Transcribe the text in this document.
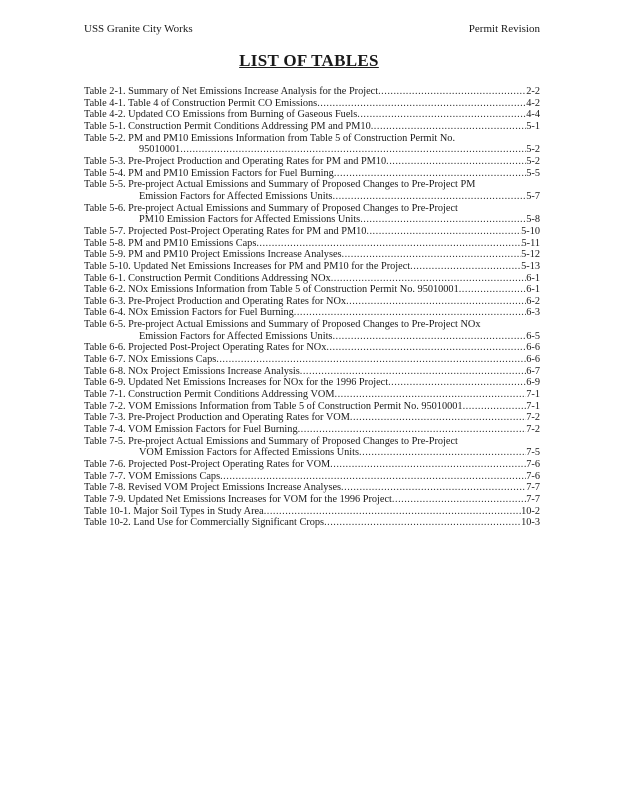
USS Granite City Works	Permit Revision
LIST OF TABLES
Table 2-1. Summary of Net Emissions Increase Analysis for the Project .....	2-2
Table 4-1. Table 4 of Construction Permit CO Emissions .....	4-2
Table 4-2. Updated CO Emissions from Burning of Gaseous Fuels .....	4-4
Table 5-1. Construction Permit Conditions Addressing PM and PM10 .....	5-1
Table 5-2. PM and PM10 Emissions Information from Table 5 of Construction Permit No.
95010001 .....	5-2
Table 5-3. Pre-Project Production and Operating Rates for PM and PM10 .....	5-2
Table 5-4. PM and PM10 Emission Factors for Fuel Burning .....	5-5
Table 5-5. Pre-project Actual Emissions and Summary of Proposed Changes to Pre-Project PM
Emission Factors for Affected Emissions Units .....	5-7
Table 5-6. Pre-project Actual Emissions and Summary of Proposed Changes to Pre-Project
PM10 Emission Factors for Affected Emissions Units .....	5-8
Table 5-7. Projected Post-Project Operating Rates for PM and PM10 .....	5-10
Table 5-8. PM and PM10 Emissions Caps .....	5-11
Table 5-9. PM and PM10 Project Emissions Increase Analyses .....	5-12
Table 5-10. Updated Net Emissions Increases for PM and PM10 for the Project .....	5-13
Table 6-1. Construction Permit Conditions Addressing NOx .....	6-1
Table 6-2. NOx Emissions Information from Table 5 of Construction Permit No. 95010001 .....	6-1
Table 6-3. Pre-Project Production and Operating Rates for NOx .....	6-2
Table 6-4. NOx Emission Factors for Fuel Burning .....	6-3
Table 6-5. Pre-project Actual Emissions and Summary of Proposed Changes to Pre-Project NOx
Emission Factors for Affected Emissions Units .....	6-5
Table 6-6. Projected Post-Project Operating Rates for NOx .....	6-6
Table 6-7. NOx Emissions Caps .....	6-6
Table 6-8. NOx Project Emissions Increase Analysis .....	6-7
Table 6-9. Updated Net Emissions Increases for NOx for the 1996 Project .....	6-9
Table 7-1. Construction Permit Conditions Addressing VOM .....	7-1
Table 7-2. VOM Emissions Information from Table 5 of Construction Permit No. 95010001 .....	7-1
Table 7-3. Pre-Project Production and Operating Rates for VOM .....	7-2
Table 7-4. VOM Emission Factors for Fuel Burning .....	7-2
Table 7-5. Pre-project Actual Emissions and Summary of Proposed Changes to Pre-Project
VOM Emission Factors for Affected Emissions Units .....	7-5
Table 7-6. Projected Post-Project Operating Rates for VOM .....	7-6
Table 7-7. VOM Emissions Caps .....	7-6
Table 7-8. Revised VOM Project Emissions Increase Analyses .....	7-7
Table 7-9. Updated Net Emissions Increases for VOM for the 1996 Project .....	7-7
Table 10-1. Major Soil Types in Study Area .....	10-2
Table 10-2. Land Use for Commercially Significant Crops .....	10-3
